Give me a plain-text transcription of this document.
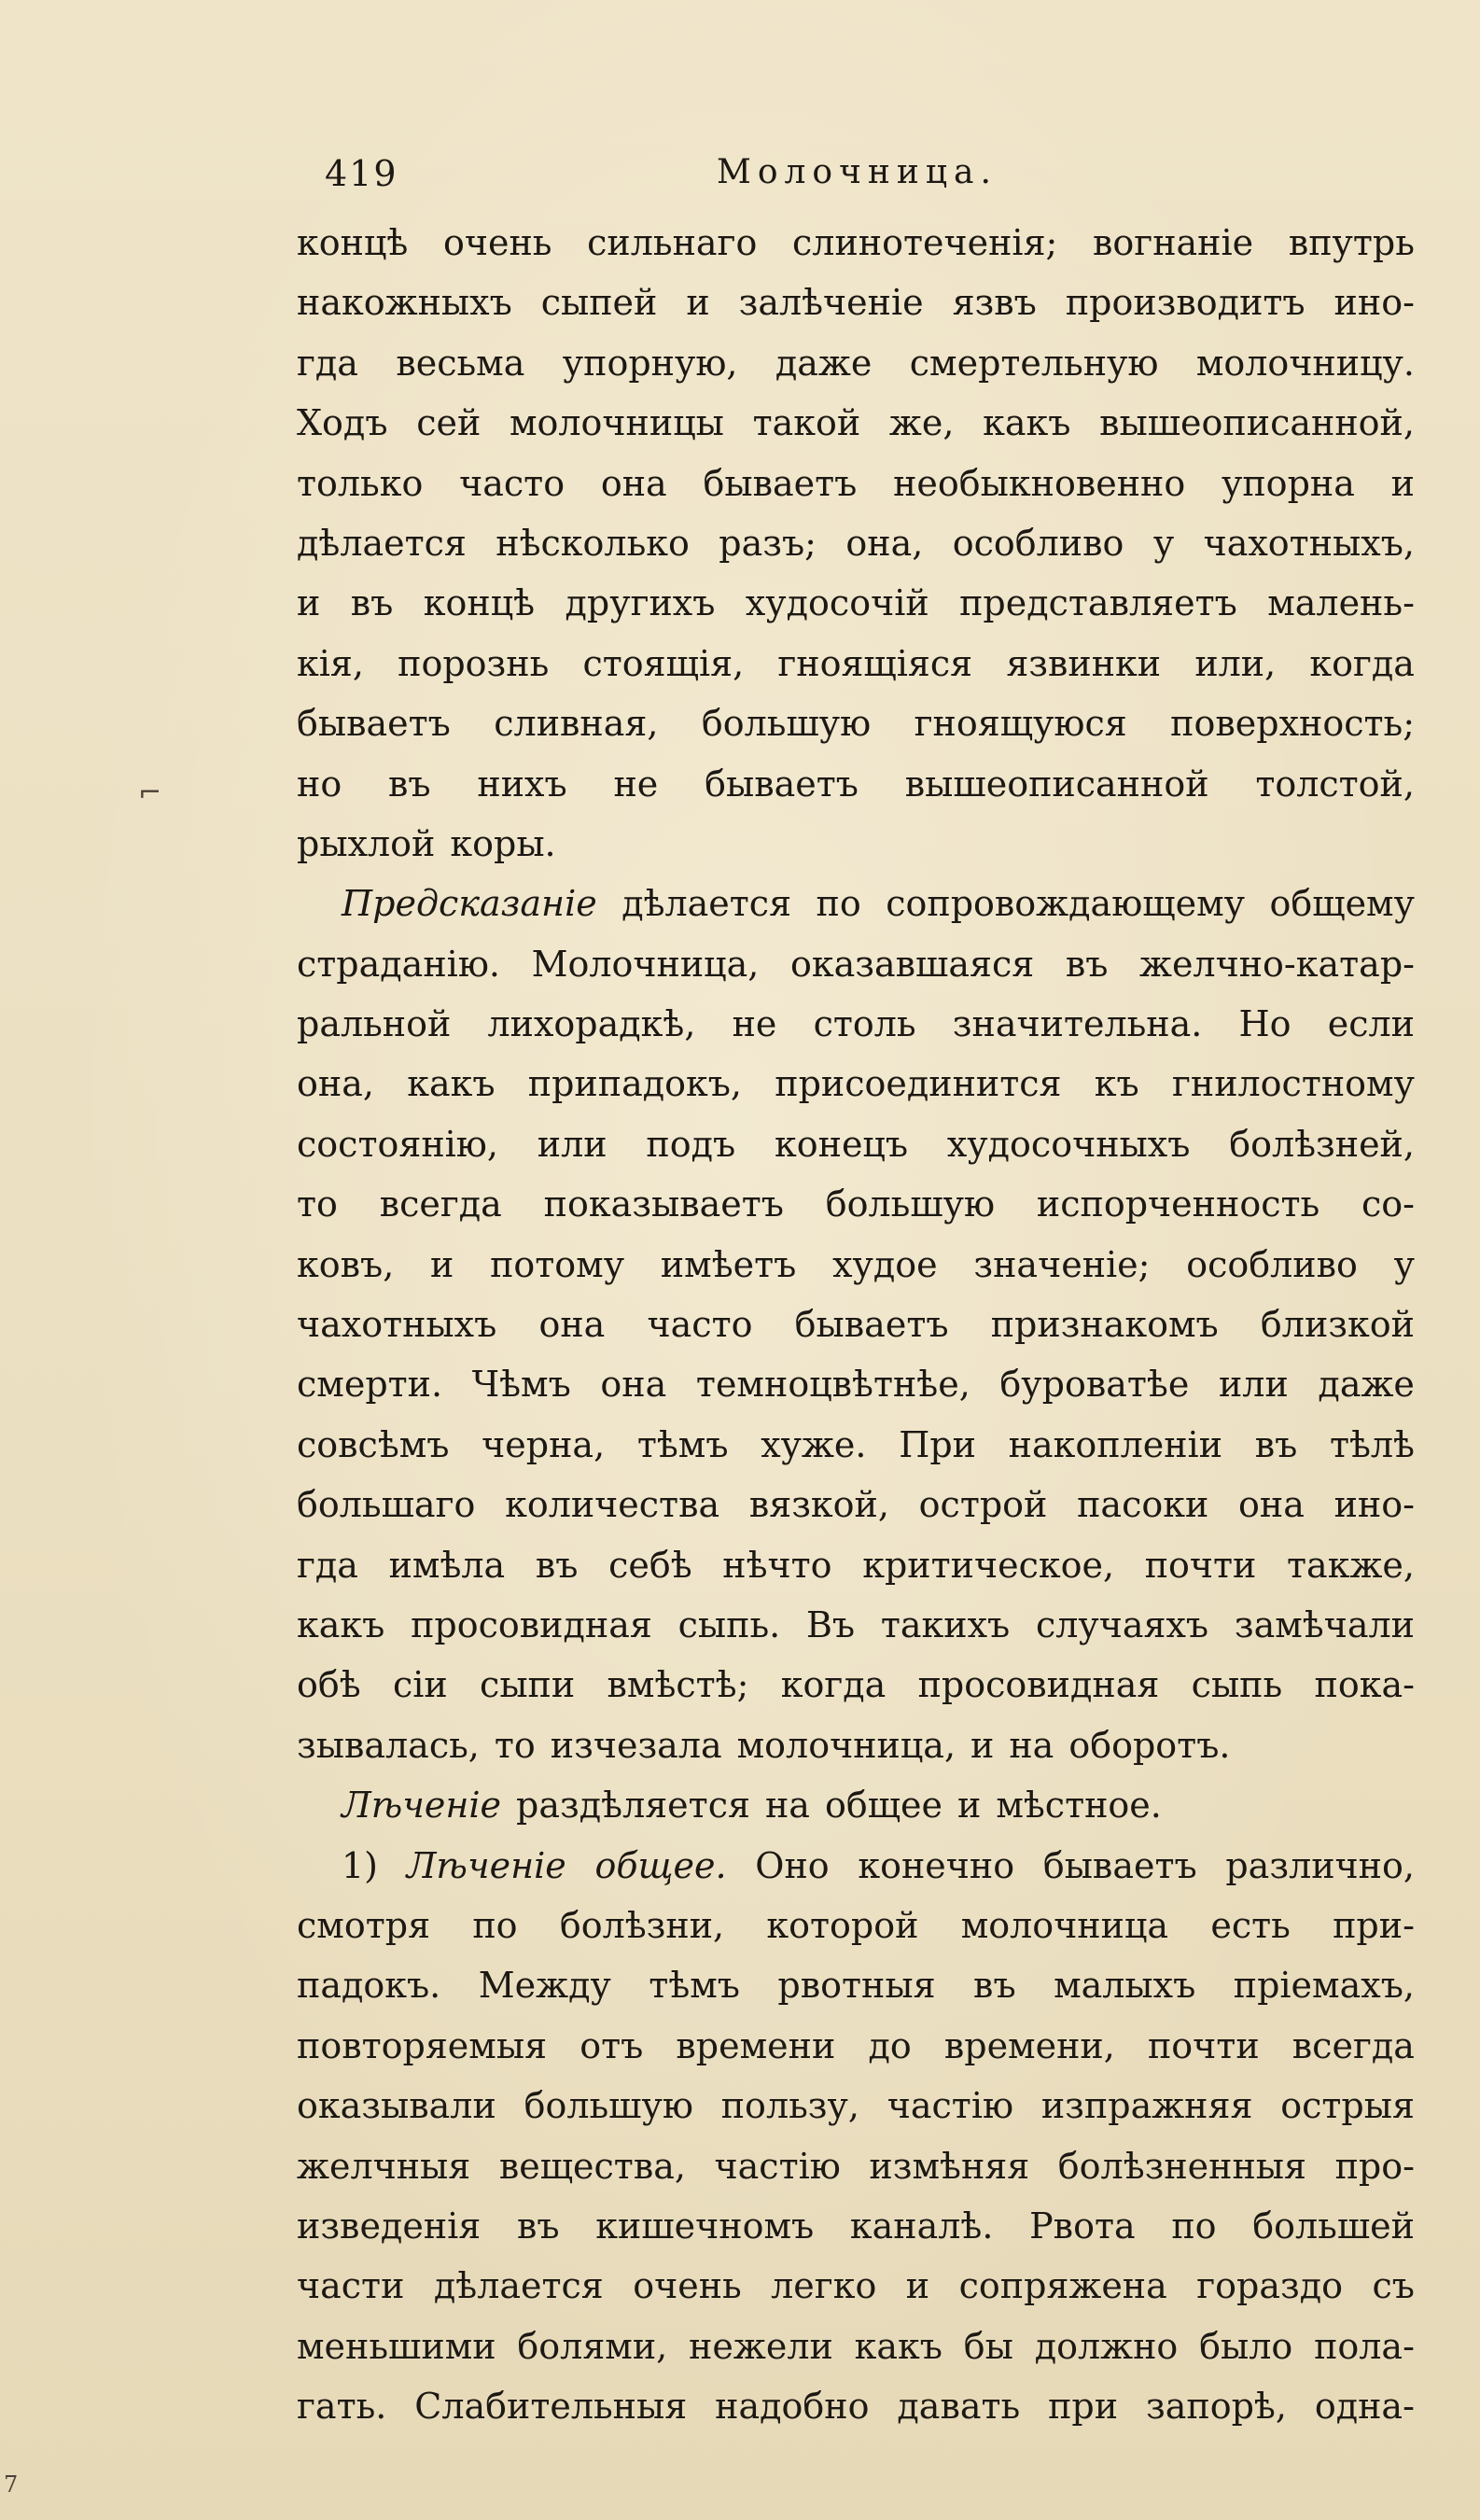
419	Молочница.
концѣ очень сильнаго слинотеченія; вогнаніе впутрь
накожныхъ сыпей и залѣченіе язвъ производитъ ино-
гда весьма упорную, даже смертельную молочницу.
Ходъ сей молочницы такой же, какъ вышеописанной,
только часто она бываетъ необыкновенно упорна и
дѣлается нѣсколько разъ; она, особливо у чахотныхъ,
и въ концѣ другихъ худосочій представляетъ малень-
кія, порознь стоящія, гноящіяся язвинки или, когда
бываетъ сливная, большую гноящуюся поверхность;
но въ нихъ не бываетъ вышеописанной толстой,
рыхлой коры.
Предсказаніе дѣлается по сопровождающему общему
страданію. Молочница, оказавшаяся въ желчно-катар-
ральной лихорадкѣ, не столь значительна. Но если
она, какъ припадокъ, присоединится къ гнилостному
состоянію, или подъ конецъ худосочныхъ болѣзней,
то всегда показываетъ большую испорченность со-
ковъ, и потому имѣетъ худое значеніе; особливо у
чахотныхъ она часто бываетъ признакомъ близкой
смерти. Чѣмъ она темноцвѣтнѣе, буроватѣе или даже
совсѣмъ черна, тѣмъ хуже. При накопленіи въ тѣлѣ
большаго количества вязкой, острой пасоки она ино-
гда имѣла въ себѣ нѣчто критическое, почти также,
какъ просовидная сыпь. Въ такихъ случаяхъ замѣчали
обѣ сіи сыпи вмѣстѣ; когда просовидная сыпь пока-
зывалась, то изчезала молочница, и на оборотъ.
Лѣченіе раздѣляется на общее и мѣстное.
1) Лѣченіе общее. Оно конечно бываетъ различно,
смотря по болѣзни, которой молочница есть при-
падокъ. Между тѣмъ рвотныя въ малыхъ пріемахъ,
повторяемыя отъ времени до времени, почти всегда
оказывали большую пользу, частію изпражняя острыя
желчныя вещества, частію измѣняя болѣзненныя про-
изведенія въ кишечномъ каналѣ. Рвота по большей
части дѣлается очень легко и сопряжена гораздо съ
меньшими болями, нежели какъ бы должно было пола-
гать. Слабительныя надобно давать при запорѣ, одна-
⌐
7
